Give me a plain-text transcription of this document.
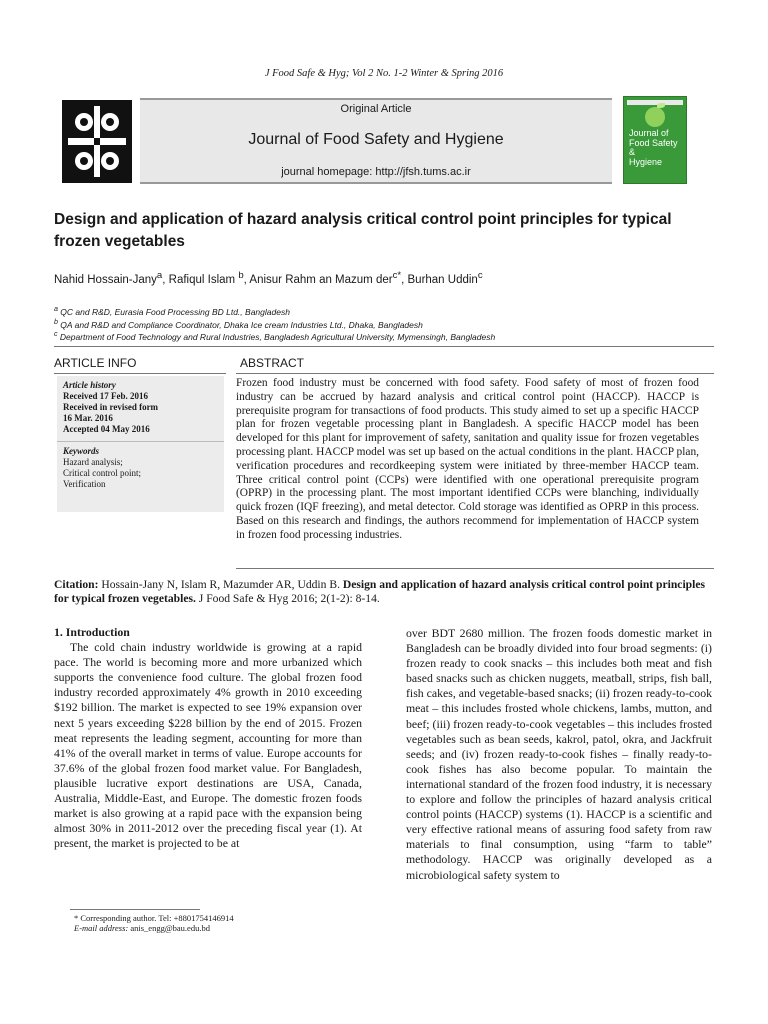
J Food Safe & Hyg; Vol 2 No. 1-2 Winter & Spring 2016
Original Article
Journal of Food Safety and Hygiene
journal homepage: http://jfsh.tums.ac.ir
Journal of
Food Safety
&
Hygiene
Design and application of hazard analysis critical control point principles for typical frozen vegetables
Nahid Hossain-Jany$^a$, Rafiqul Islam $^b$, Anisur Rahm an Mazum der$^{c*}$, Burhan Uddin$^c$
$^a$ QC and R&D, Eurasia Food Processing BD Ltd., Bangladesh
$^b$ QA and R&D and Compliance Coordinator, Dhaka Ice cream Industries Ltd., Dhaka, Bangladesh
$^c$ Department of Food Technology and Rural Industries, Bangladesh Agricultural University, Mymensingh, Bangladesh
ARTICLE INFO	ABSTRACT
Article history
Received 17 Feb. 2016
Received in revised form
16 Mar. 2016
Accepted 04 May 2016
Keywords
Hazard analysis;
Critical control point;
Verification
Frozen food industry must be concerned with food safety. Food safety of most of frozen food industry can be accrued by hazard analysis and critical control point (HACCP). HACCP is prerequisite program for transactions of food products. This study aimed to set up a specific HACCP plan for frozen vegetable processing plant in Bangladesh. A specific HACCP model has been developed for this plant for improvement of safety, sanitation and quality issue for frozen vegetables processing plant. HACCP model was set up based on the actual conditions in the plant. HACCP plan, verification procedures and recordkeeping system were initiated by three-member HACCP team. Three critical control point (CCPs) were identified with one operational prerequisite program (OPRP) in the processing plant. The most important identified CCPs were blanching, individually quick frozen (IQF freezing), and metal detector. Cold storage was identified as OPRP in this process. Based on this research and findings, the authors recommend for implementation of HACCP system in frozen food processing industries.
Citation: Hossain-Jany N, Islam R, Mazumder AR, Uddin B. Design and application of hazard analysis critical control point principles for typical frozen vegetables. J Food Safe & Hyg 2016; 2(1-2): 8-14.

1. Introduction

The cold chain industry worldwide is growing at a rapid pace. The world is becoming more and more urbanized which supports the convenience food culture. The global frozen food industry recorded approximately 4% growth in 2010 exceeding $192 billion. The market is expected to see 19% expansion over next 5 years exceeding $228 billion by the end of 2015. Frozen meat represents the leading segment, accounting for more than 41% of the overall market in terms of value. Europe accounts for 37.6% of the global frozen food market value. For Bangladesh, plausible lucrative export destinations are USA, Canada, Australia, Middle-East, and Europe. The domestic frozen foods market is also growing at a rapid pace with the expansion being almost 30% in 2011-2012 over the preceding fiscal year (1). At present, the market is projected to be at

over BDT 2680 million. The frozen foods domestic market in Bangladesh can be broadly divided into four broad segments: (i) frozen ready to cook snacks – this includes both meat and fish based snacks such as chicken nuggets, meatball, strips, fish ball, fish cakes, and vegetable-based snacks; (ii) frozen ready-to-cook meat – this includes frosted whole chickens, lambs, mutton, and beef; (iii) frozen ready-to-cook vegetables – this includes frosted vegetables such as bean seeds, kakrol, patol, okra, and Jackfruit seeds; and (iv) frozen ready-to-cook fishes – finally ready-to-cook fishes has also become popular. To maintain the international standard of the frozen food industry, it is necessary to explore and follow the principles of hazard analysis critical control points (HACCP) systems (1). HACCP is a scientific and very effective rational means of assuring food safety from raw materials to final consumption, using “farm to table” methodology. HACCP was originally developed as a microbiological safety system to

* Corresponding author. Tel: +8801754146914
E-mail address: anis_engg@bau.edu.bd
